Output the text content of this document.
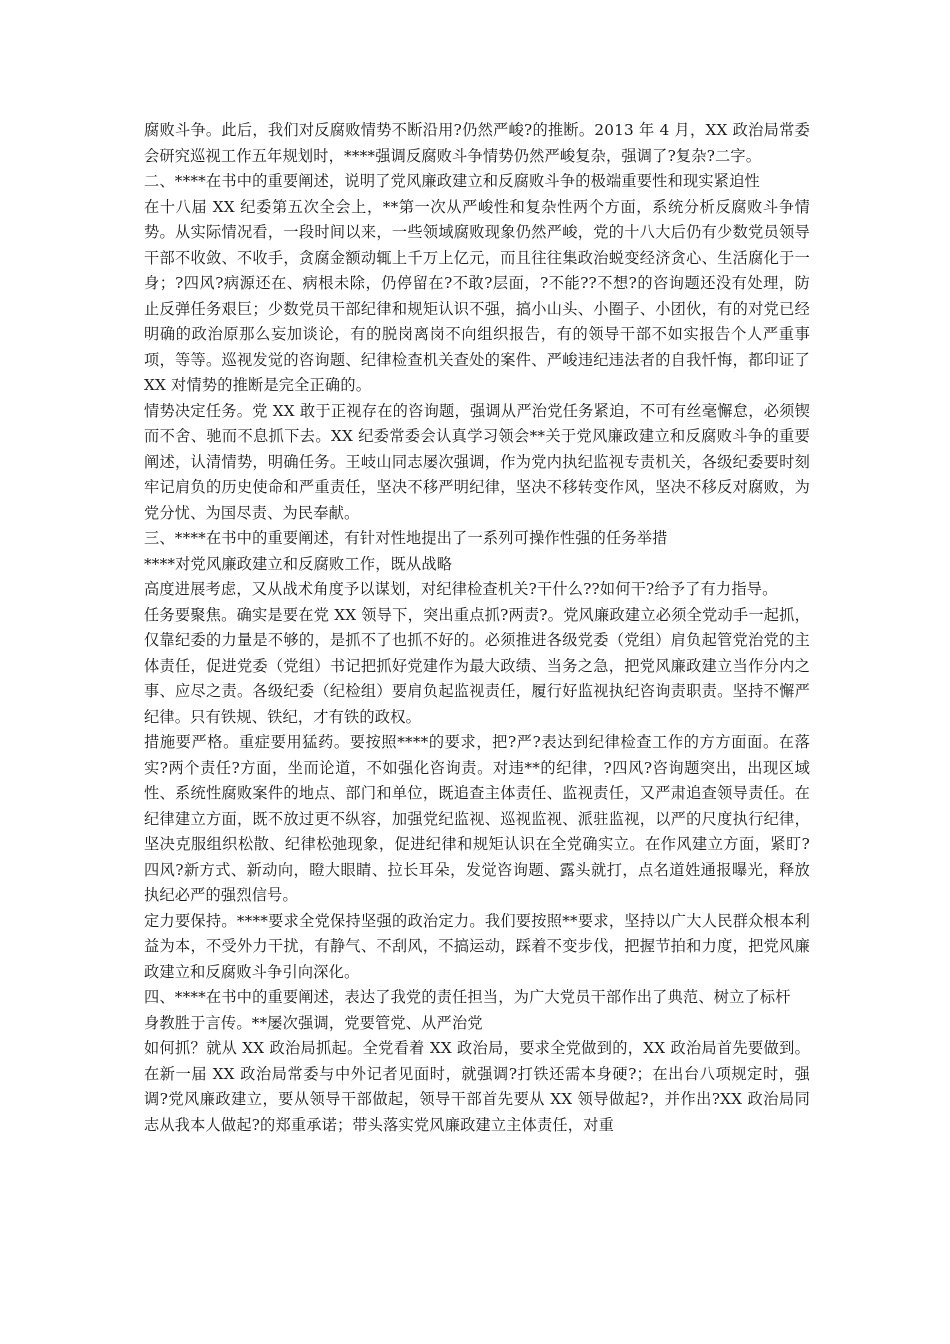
腐败斗争。此后，我们对反腐败情势不断沿用?仍然严峻?的推断。2013 年 4 月，XX 政治局常委会研究巡视工作五年规划时，****强调反腐败斗争情势仍然严峻复杂，强调了?复杂?二字。

二、****在书中的重要阐述，说明了党风廉政建立和反腐败斗争的极端重要性和现实紧迫性

在十八届 XX 纪委第五次全会上，**第一次从严峻性和复杂性两个方面，系统分析反腐败斗争情势。从实际情况看，一段时间以来，一些领域腐败现象仍然严峻，党的十八大后仍有少数党员领导干部不收敛、不收手，贪腐金额动辄上千万上亿元，而且往往集政治蜕变经济贪心、生活腐化于一身；?四风?病源还在、病根未除，仍停留在?不敢?层面，?不能??不想?的咨询题还没有处理，防止反弹任务艰巨；少数党员干部纪律和规矩认识不强，搞小山头、小圈子、小团伙，有的对党已经明确的政治原那么妄加谈论，有的脱岗离岗不向组织报告，有的领导干部不如实报告个人严重事项，等等。巡视发觉的咨询题、纪律检查机关查处的案件、严峻违纪违法者的自我忏悔，都印证了 XX 对情势的推断是完全正确的。

情势决定任务。党 XX 敢于正视存在的咨询题，强调从严治党任务紧迫，不可有丝毫懈怠，必须锲而不舍、驰而不息抓下去。XX 纪委常委会认真学习领会**关于党风廉政建立和反腐败斗争的重要阐述，认清情势，明确任务。王岐山同志屡次强调，作为党内执纪监视专责机关，各级纪委要时刻牢记肩负的历史使命和严重责任，坚决不移严明纪律，坚决不移转变作风，坚决不移反对腐败，为党分忧、为国尽责、为民奉献。

三、****在书中的重要阐述，有针对性地提出了一系列可操作性强的任务举措

****对党风廉政建立和反腐败工作，既从战略

高度进展考虑，又从战术角度予以谋划，对纪律检查机关?干什么??如何干?给予了有力指导。

任务要聚焦。确实是要在党 XX 领导下，突出重点抓?两责?。党风廉政建立必须全党动手一起抓，仅靠纪委的力量是不够的，是抓不了也抓不好的。必须推进各级党委（党组）肩负起管党治党的主体责任，促进党委（党组）书记把抓好党建作为最大政绩、当务之急，把党风廉政建立当作分内之事、应尽之责。各级纪委（纪检组）要肩负起监视责任，履行好监视执纪咨询责职责。坚持不懈严纪律。只有铁规、铁纪，才有铁的政权。

措施要严格。重症要用猛药。要按照****的要求，把?严?表达到纪律检查工作的方方面面。在落实?两个责任?方面，坐而论道，不如强化咨询责。对违**的纪律，?四风?咨询题突出，出现区域性、系统性腐败案件的地点、部门和单位，既追查主体责任、监视责任，又严肃追查领导责任。在纪律建立方面，既不放过更不纵容，加强党纪监视、巡视监视、派驻监视，以严的尺度执行纪律，坚决克服组织松散、纪律松弛现象，促进纪律和规矩认识在全党确实立。在作风建立方面，紧盯?四风?新方式、新动向，瞪大眼睛、拉长耳朵，发觉咨询题、露头就打，点名道姓通报曝光，释放执纪必严的强烈信号。

定力要保持。****要求全党保持坚强的政治定力。我们要按照**要求，坚持以广大人民群众根本利益为本，不受外力干扰，有静气、不刮风，不搞运动，踩着不变步伐，把握节拍和力度，把党风廉政建立和反腐败斗争引向深化。

四、****在书中的重要阐述，表达了我党的责任担当，为广大党员干部作出了典范、树立了标杆

身教胜于言传。**屡次强调，党要管党、从严治党

如何抓？就从 XX 政治局抓起。全党看着 XX 政治局，要求全党做到的，XX 政治局首先要做到。在新一届 XX 政治局常委与中外记者见面时，就强调?打铁还需本身硬?；在出台八项规定时，强调?党风廉政建立，要从领导干部做起，领导干部首先要从 XX 领导做起?，并作出?XX 政治局同志从我本人做起?的郑重承诺；带头落实党风廉政建立主体责任，对重
